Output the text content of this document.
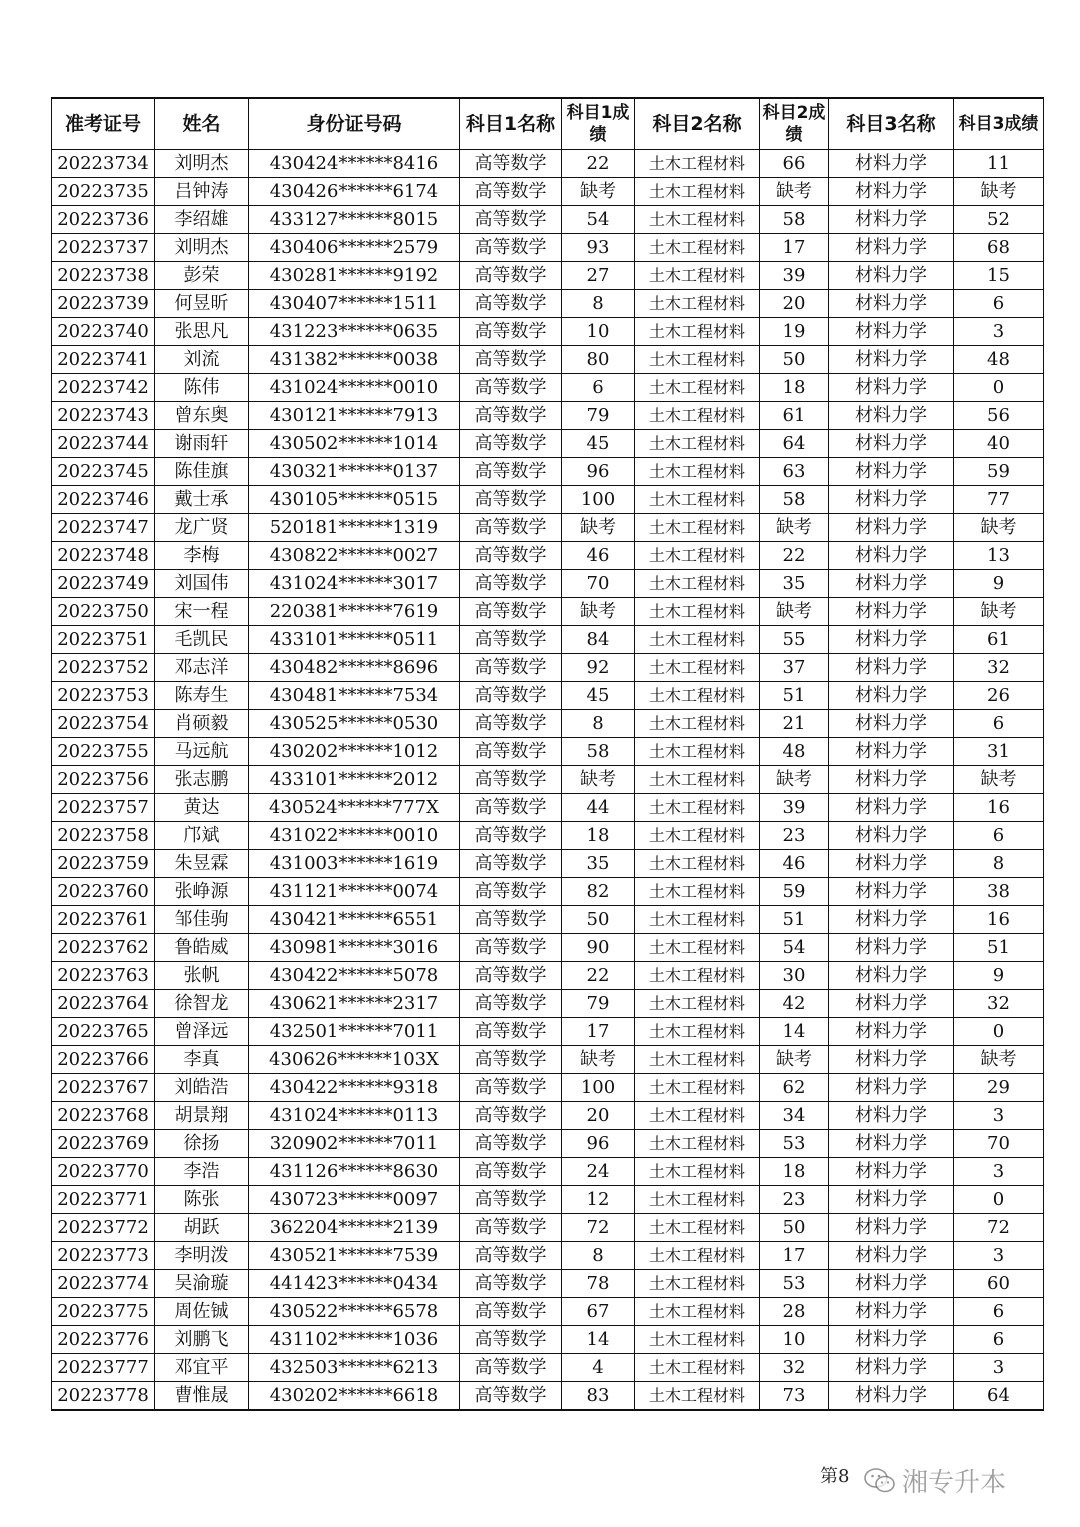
准考证号	姓名	身份证号码	科目1名称	科目1成绩	科目2名称	科目2成绩	科目3名称	科目3成绩
20223734	刘明杰	430424******8416	高等数学	22	土木工程材料	66	材料力学	11
20223735	吕钟涛	430426******6174	高等数学	缺考	土木工程材料	缺考	材料力学	缺考
20223736	李绍雄	433127******8015	高等数学	54	土木工程材料	58	材料力学	52
20223737	刘明杰	430406******2579	高等数学	93	土木工程材料	17	材料力学	68
20223738	彭荣	430281******9192	高等数学	27	土木工程材料	39	材料力学	15
20223739	何昱昕	430407******1511	高等数学	8	土木工程材料	20	材料力学	6
20223740	张思凡	431223******0635	高等数学	10	土木工程材料	19	材料力学	3
20223741	刘流	431382******0038	高等数学	80	土木工程材料	50	材料力学	48
20223742	陈伟	431024******0010	高等数学	6	土木工程材料	18	材料力学	0
20223743	曾东奥	430121******7913	高等数学	79	土木工程材料	61	材料力学	56
20223744	谢雨轩	430502******1014	高等数学	45	土木工程材料	64	材料力学	40
20223745	陈佳旗	430321******0137	高等数学	96	土木工程材料	63	材料力学	59
20223746	戴士承	430105******0515	高等数学	100	土木工程材料	58	材料力学	77
20223747	龙广贤	520181******1319	高等数学	缺考	土木工程材料	缺考	材料力学	缺考
20223748	李梅	430822******0027	高等数学	46	土木工程材料	22	材料力学	13
20223749	刘国伟	431024******3017	高等数学	70	土木工程材料	35	材料力学	9
20223750	宋一程	220381******7619	高等数学	缺考	土木工程材料	缺考	材料力学	缺考
20223751	毛凯民	433101******0511	高等数学	84	土木工程材料	55	材料力学	61
20223752	邓志洋	430482******8696	高等数学	92	土木工程材料	37	材料力学	32
20223753	陈寿生	430481******7534	高等数学	45	土木工程材料	51	材料力学	26
20223754	肖硕毅	430525******0530	高等数学	8	土木工程材料	21	材料力学	6
20223755	马远航	430202******1012	高等数学	58	土木工程材料	48	材料力学	31
20223756	张志鹏	433101******2012	高等数学	缺考	土木工程材料	缺考	材料力学	缺考
20223757	黄达	430524******777X	高等数学	44	土木工程材料	39	材料力学	16
20223758	邝斌	431022******0010	高等数学	18	土木工程材料	23	材料力学	6
20223759	朱昱霖	431003******1619	高等数学	35	土木工程材料	46	材料力学	8
20223760	张峥源	431121******0074	高等数学	82	土木工程材料	59	材料力学	38
20223761	邹佳驹	430421******6551	高等数学	50	土木工程材料	51	材料力学	16
20223762	鲁皓威	430981******3016	高等数学	90	土木工程材料	54	材料力学	51
20223763	张帆	430422******5078	高等数学	22	土木工程材料	30	材料力学	9
20223764	徐智龙	430621******2317	高等数学	79	土木工程材料	42	材料力学	32
20223765	曾泽远	432501******7011	高等数学	17	土木工程材料	14	材料力学	0
20223766	李真	430626******103X	高等数学	缺考	土木工程材料	缺考	材料力学	缺考
20223767	刘皓浩	430422******9318	高等数学	100	土木工程材料	62	材料力学	29
20223768	胡景翔	431024******0113	高等数学	20	土木工程材料	34	材料力学	3
20223769	徐扬	320902******7011	高等数学	96	土木工程材料	53	材料力学	70
20223770	李浩	431126******8630	高等数学	24	土木工程材料	18	材料力学	3
20223771	陈张	430723******0097	高等数学	12	土木工程材料	23	材料力学	0
20223772	胡跃	362204******2139	高等数学	72	土木工程材料	50	材料力学	72
20223773	李明泼	430521******7539	高等数学	8	土木工程材料	17	材料力学	3
20223774	吴渝璇	441423******0434	高等数学	78	土木工程材料	53	材料力学	60
20223775	周佐铖	430522******6578	高等数学	67	土木工程材料	28	材料力学	6
20223776	刘鹏飞	431102******1036	高等数学	14	土木工程材料	10	材料力学	6
20223777	邓宜平	432503******6213	高等数学	4	土木工程材料	32	材料力学	3
20223778	曹惟晟	430202******6618	高等数学	83	土木工程材料	73	材料力学	64
第8 湘专升本
